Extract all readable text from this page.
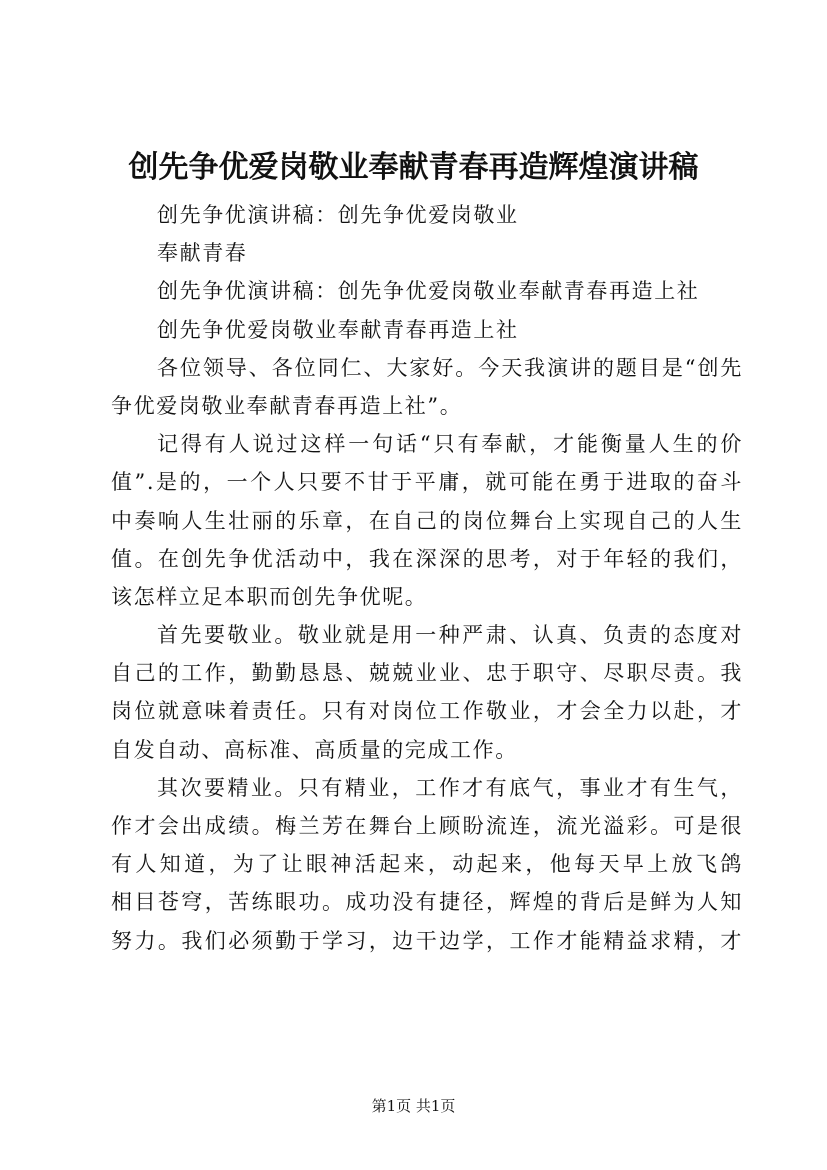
创先争优爱岗敬业奉献青春再造辉煌演讲稿
创先争优演讲稿：创先争优爱岗敬业
奉献青春
创先争优演讲稿：创先争优爱岗敬业奉献青春再造上社
创先争优爱岗敬业奉献青春再造上社
各位领导、各位同仁、大家好。今天我演讲的题目是“创先
争优爱岗敬业奉献青春再造上社”。
记得有人说过这样一句话“只有奉献，才能衡量人生的价
值”.是的，一个人只要不甘于平庸，就可能在勇于进取的奋斗
中奏响人生壮丽的乐章，在自己的岗位舞台上实现自己的人生
值。在创先争优活动中，我在深深的思考，对于年轻的我们，
该怎样立足本职而创先争优呢。
首先要敬业。敬业就是用一种严肃、认真、负责的态度对
自己的工作，勤勤恳恳、兢兢业业、忠于职守、尽职尽责。我
岗位就意味着责任。只有对岗位工作敬业，才会全力以赴，才
自发自动、高标准、高质量的完成工作。
其次要精业。只有精业，工作才有底气，事业才有生气，
作才会出成绩。梅兰芳在舞台上顾盼流连，流光溢彩。可是很
有人知道，为了让眼神活起来，动起来，他每天早上放飞鸽
相目苍穹，苦练眼功。成功没有捷径，辉煌的背后是鲜为人知
努力。我们必须勤于学习，边干边学，工作才能精益求精，才
第1页 共1页
